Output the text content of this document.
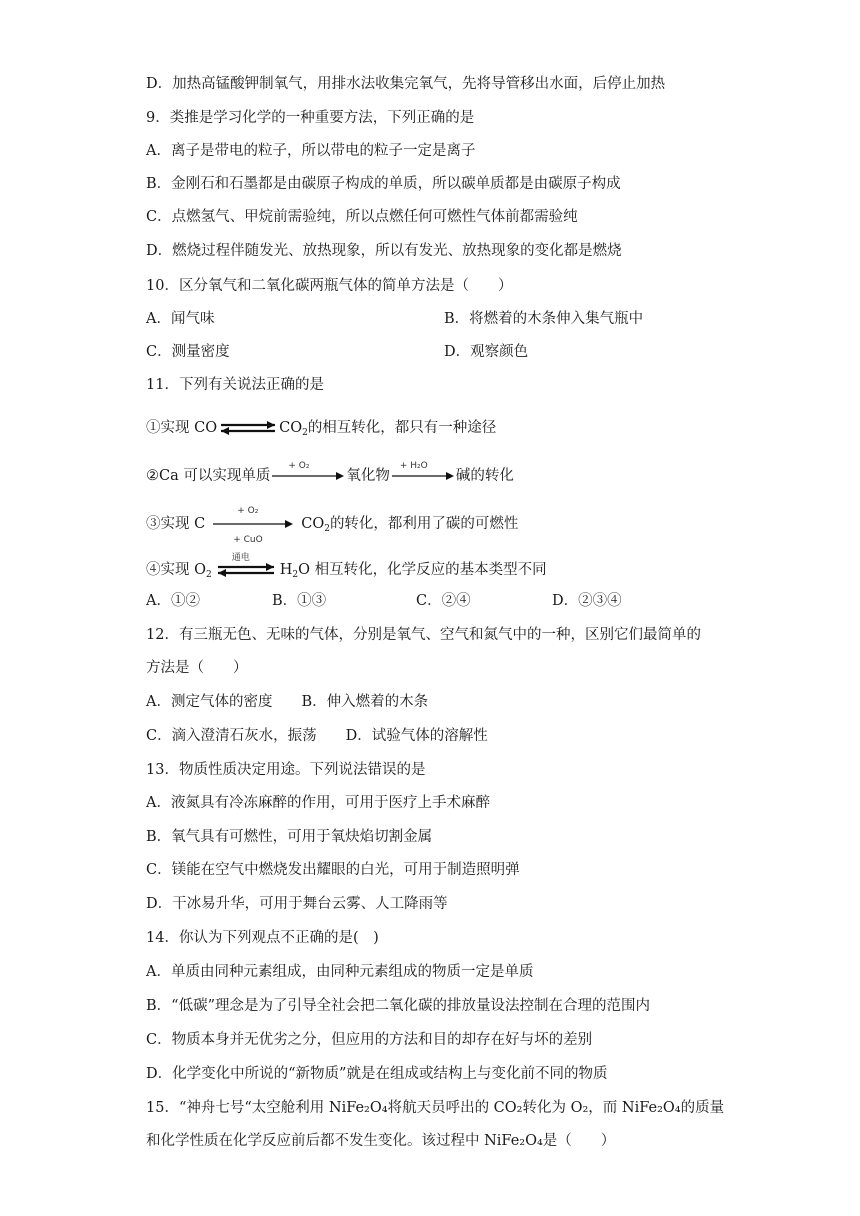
D．加热高锰酸钾制氧气，用排水法收集完氧气，先将导管移出水面，后停止加热
9．类推是学习化学的一种重要方法，下列正确的是
A．离子是带电的粒子，所以带电的粒子一定是离子
B．金刚石和石墨都是由碳原子构成的单质，所以碳单质都是由碳原子构成
C．点燃氢气、甲烷前需验纯，所以点燃任何可燃性气体前都需验纯
D．燃烧过程伴随发光、放热现象，所以有发光、放热现象的变化都是燃烧
10．区分氧气和二氧化碳两瓶气体的简单方法是（　　）
A．闻气味	B．将燃着的木条伸入集气瓶中
C．测量密度	D．观察颜色
11．下列有关说法正确的是
①实现 CO	$CO_2$的相互转化，都只有一种途径
②Ca 可以实现单质
+ O₂
氧化物
+ H₂O
碱的转化
③实现 C
+ O₂
+ CuO
$CO_2$的转化，都利用了碳的可燃性
④实现 $O_2$
通电
$H_2O$ 相互转化，化学反应的基本类型不同
A．①②	B．①③	C．②④	D．②③④
12．有三瓶无色、无味的气体，分别是氧气、空气和氮气中的一种，区别它们最简单的
方法是（　　）
A．测定气体的密度　　B．伸入燃着的木条
C．滴入澄清石灰水，振荡　　D．试验气体的溶解性
13．物质性质决定用途。下列说法错误的是
A．液氮具有冷冻麻醉的作用，可用于医疗上手术麻醉
B．氧气具有可燃性，可用于氧炔焰切割金属
C．镁能在空气中燃烧发出耀眼的白光，可用于制造照明弹
D．干冰易升华，可用于舞台云雾、人工降雨等
14．你认为下列观点不正确的是(　)
A．单质由同种元素组成，由同种元素组成的物质一定是单质
B．“低碳”理念是为了引导全社会把二氧化碳的排放量设法控制在合理的范围内
C．物质本身并无优劣之分，但应用的方法和目的却存在好与坏的差别
D．化学变化中所说的“新物质”就是在组成或结构上与变化前不同的物质
15．“神舟七号“太空舱利用 NiFe₂O₄将航天员呼出的 CO₂转化为 O₂，而 NiFe₂O₄的质量
和化学性质在化学反应前后都不发生变化。该过程中 NiFe₂O₄是（　　）
